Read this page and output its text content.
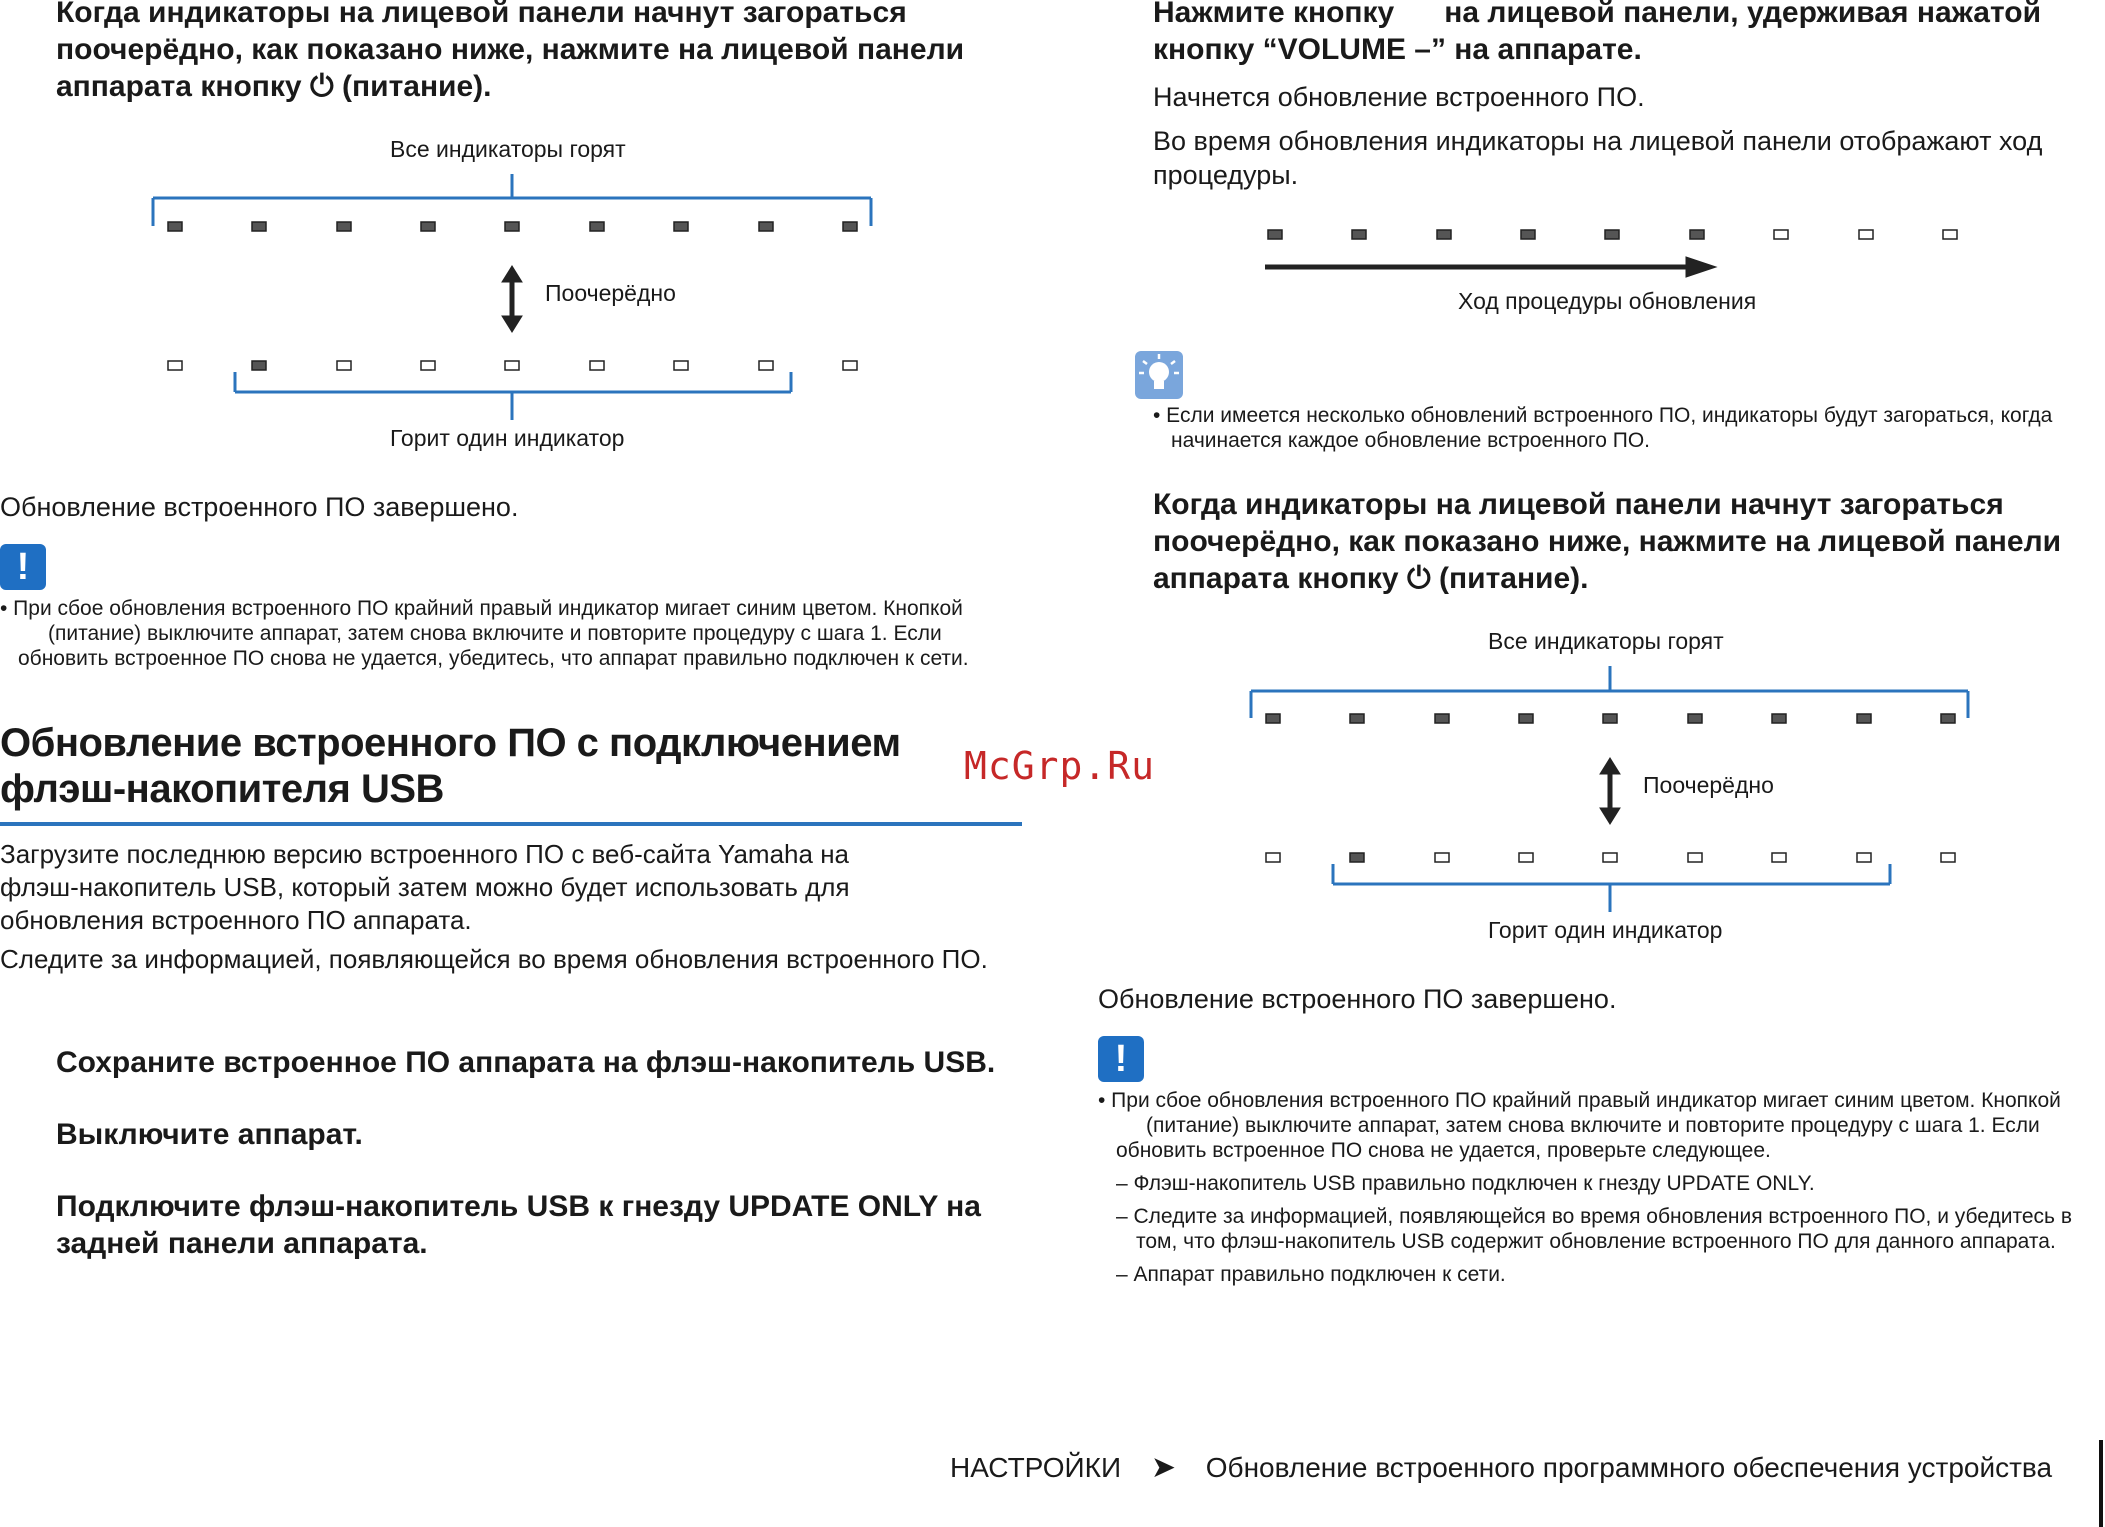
Когда индикаторы на лицевой панели начнут загораться
поочерёдно, как показано ниже, нажмите на лицевой панели
аппарата кнопку ⏻ (питание).
Все индикаторы горят
Поочерёдно
Горит один индикатор
Обновление встроенного ПО завершено.
!
• При сбое обновления встроенного ПО крайний правый индикатор мигает синим цветом. Кнопкой
(питание) выключите аппарат, затем снова включите и повторите процедуру с шага 1. Если
обновить встроенное ПО снова не удается, убедитесь, что аппарат правильно подключен к сети.
Обновление встроенного ПО с подключением
флэш-накопителя USB
Загрузите последнюю версию встроенного ПО с веб-сайта Yamaha на
флэш-накопитель USB, который затем можно будет использовать для
обновления встроенного ПО аппарата.
Следите за информацией, появляющейся во время обновления встроенного ПО.
Сохраните встроенное ПО аппарата на флэш-накопитель USB.
Выключите аппарат.
Подключите флэш-накопитель USB к гнезду UPDATE ONLY на
задней панели аппарата.
McGrp.Ru
Нажмите кнопку      на лицевой панели, удерживая нажатой
кнопку “VOLUME –” на аппарате.
Начнется обновление встроенного ПО.
Во время обновления индикаторы на лицевой панели отображают ход
процедуры.
Ход процедуры обновления
• Если имеется несколько обновлений встроенного ПО, индикаторы будут загораться, когда
начинается каждое обновление встроенного ПО.
Когда индикаторы на лицевой панели начнут загораться
поочерёдно, как показано ниже, нажмите на лицевой панели
аппарата кнопку ⏻ (питание).
Все индикаторы горят
Поочерёдно
Горит один индикатор
Обновление встроенного ПО завершено.
!
• При сбое обновления встроенного ПО крайний правый индикатор мигает синим цветом. Кнопкой
(питание) выключите аппарат, затем снова включите и повторите процедуру с шага 1. Если
обновить встроенное ПО снова не удается, проверьте следующее.
– Флэш-накопитель USB правильно подключен к гнезду UPDATE ONLY.
– Следите за информацией, появляющейся во время обновления встроенного ПО, и убедитесь в
том, что флэш-накопитель USB содержит обновление встроенного ПО для данного аппарата.
– Аппарат правильно подключен к сети.
НАСТРОЙКИ ➤ Обновление встроенного программного обеспечения устройства
